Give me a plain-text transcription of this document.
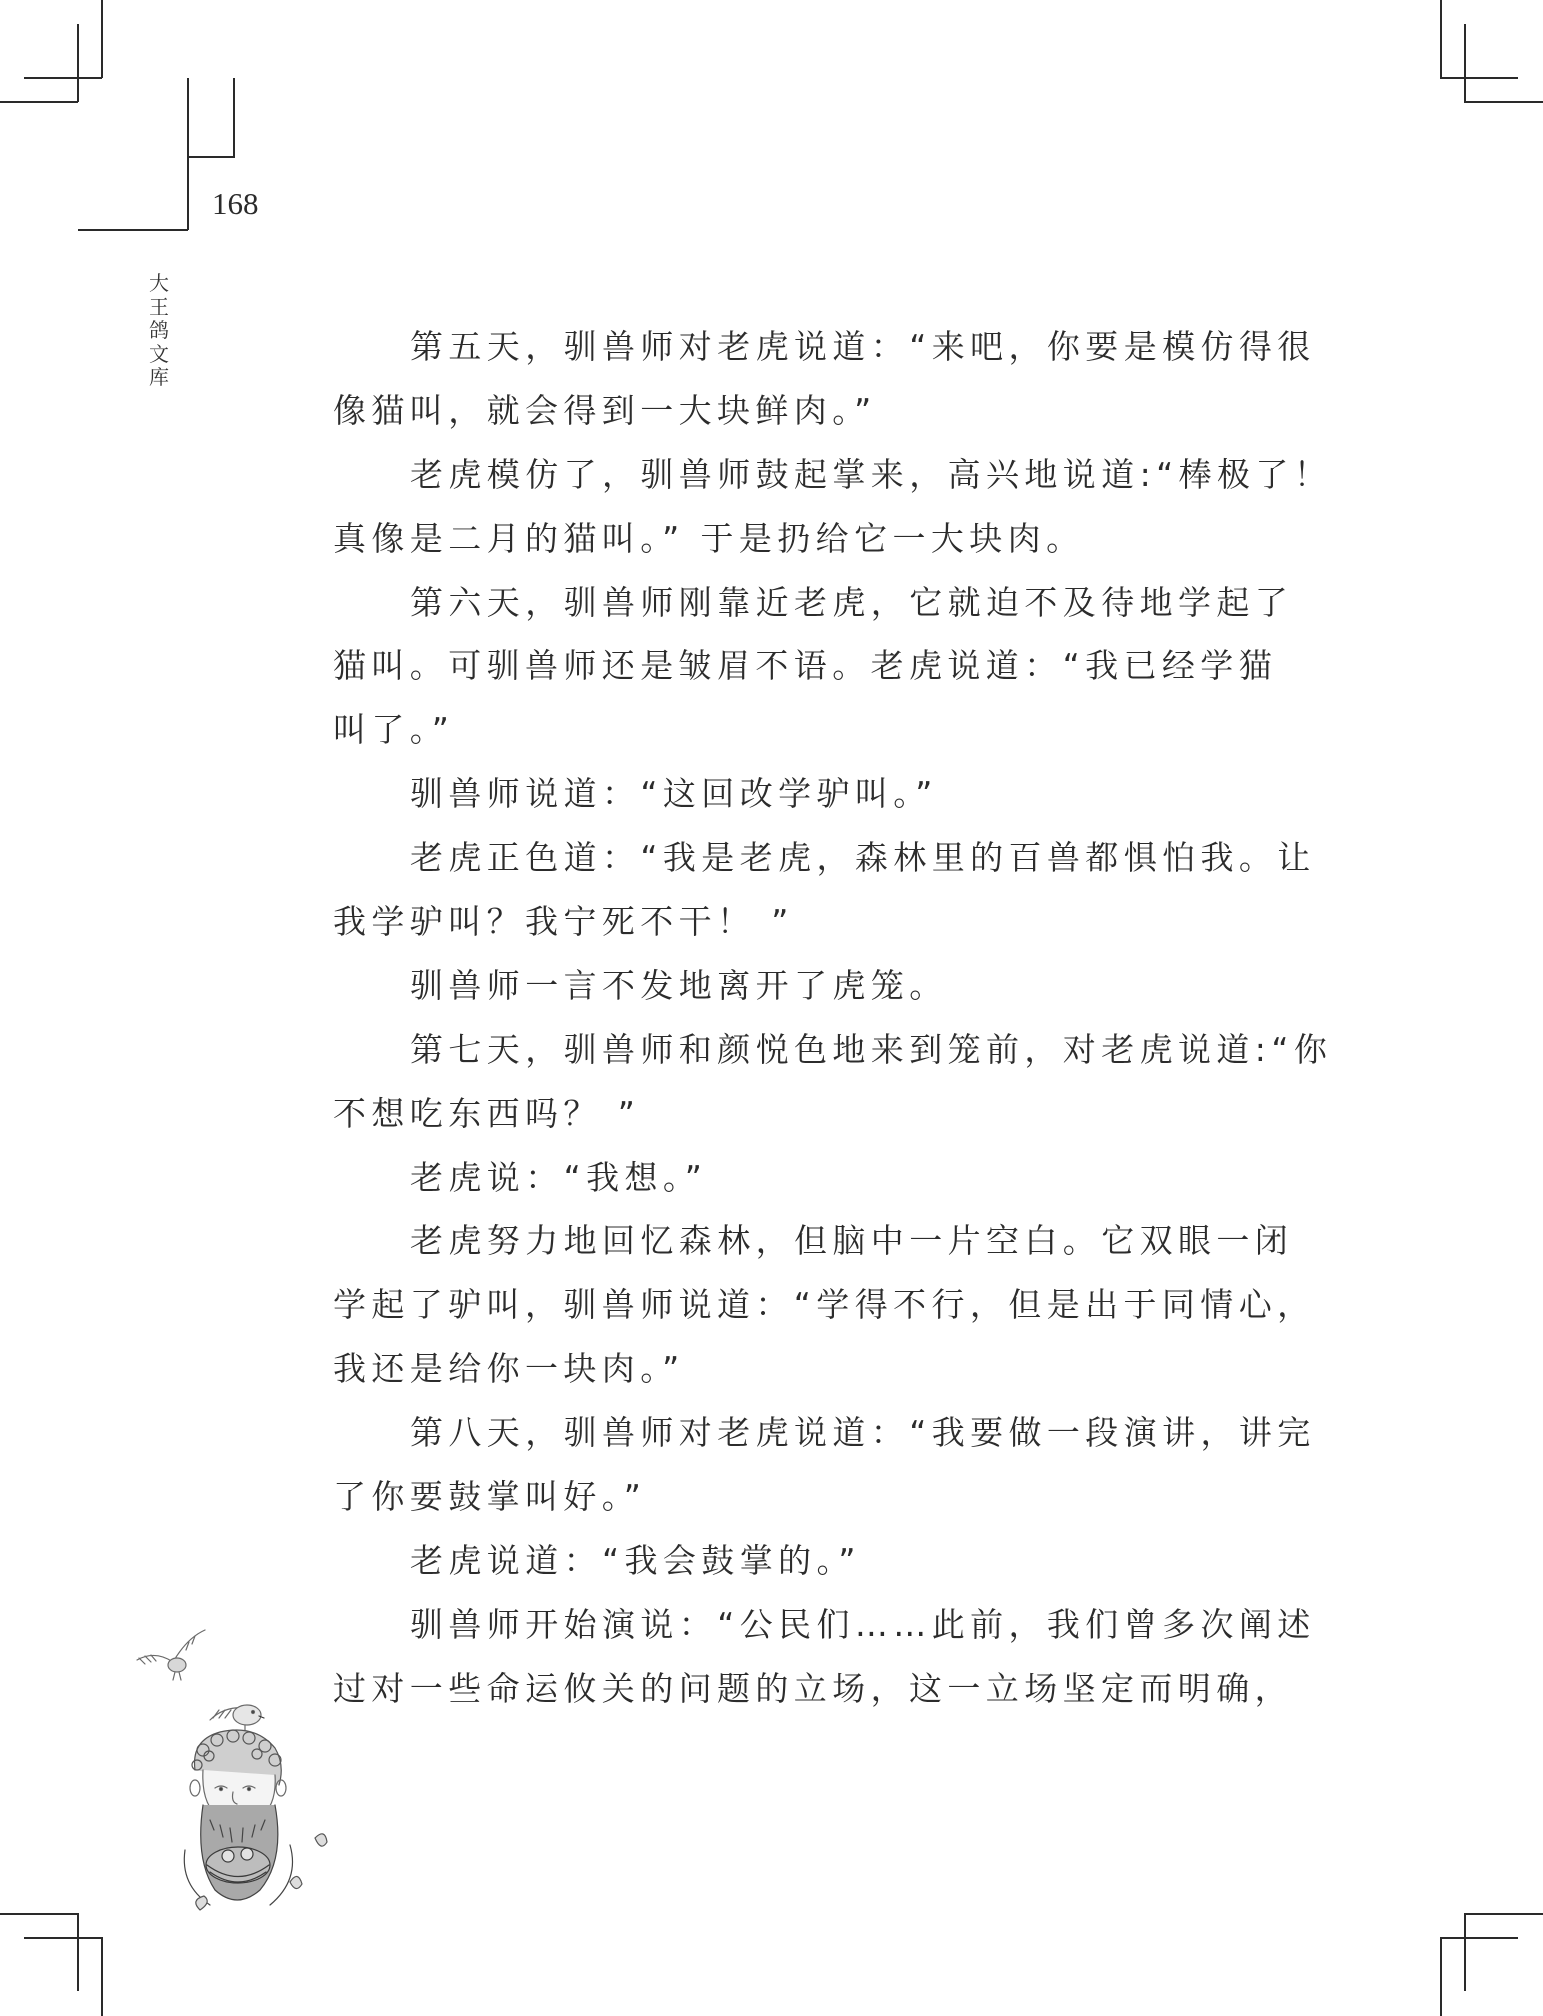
168
大
王
鸽
文
库
第五天，驯兽师对老虎说道：“来吧，你要是模仿得很
像猫叫，就会得到一大块鲜肉。”
老虎模仿了，驯兽师鼓起掌来，高兴地说道:“棒极了！
真像是二月的猫叫。” 于是扔给它一大块肉。
第六天，驯兽师刚靠近老虎，它就迫不及待地学起了
猫叫。可驯兽师还是皱眉不语。老虎说道：“我已经学猫
叫了。”
驯兽师说道：“这回改学驴叫。”
老虎正色道：“我是老虎，森林里的百兽都惧怕我。让
我学驴叫？我宁死不干！ ”
驯兽师一言不发地离开了虎笼。
第七天，驯兽师和颜悦色地来到笼前，对老虎说道:“你
不想吃东西吗？ ”
老虎说：“我想。”
老虎努力地回忆森林，但脑中一片空白。它双眼一闭
学起了驴叫，驯兽师说道：“学得不行，但是出于同情心，
我还是给你一块肉。”
第八天，驯兽师对老虎说道：“我要做一段演讲，讲完
了你要鼓掌叫好。”
老虎说道：“我会鼓掌的。”
驯兽师开始演说：“公民们……此前，我们曾多次阐述
过对一些命运攸关的问题的立场，这一立场坚定而明确，
